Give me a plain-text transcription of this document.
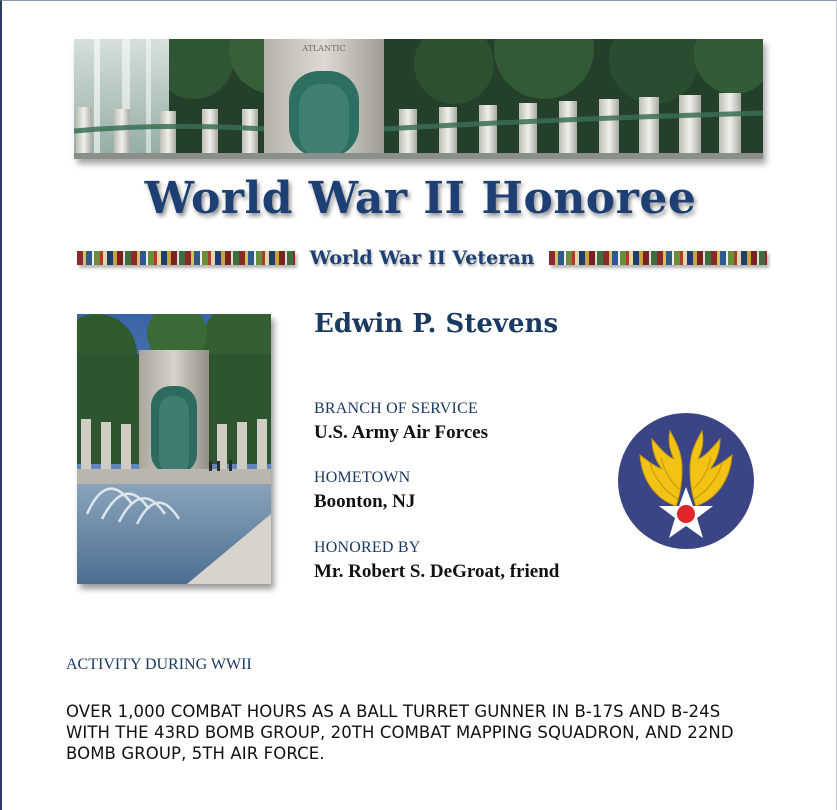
ATLANTIC
World War II Honoree
World War II Veteran
Edwin P. Stevens
BRANCH OF SERVICE
U.S. Army Air Forces
HOMETOWN
Boonton, NJ
HONORED BY
Mr. Robert S. DeGroat, friend
ACTIVITY DURING WWII
OVER 1,000 COMBAT HOURS AS A BALL TURRET GUNNER IN B-17S AND B-24S WITH THE 43RD BOMB GROUP, 20TH COMBAT MAPPING SQUADRON, AND 22ND BOMB GROUP, 5TH AIR FORCE.
